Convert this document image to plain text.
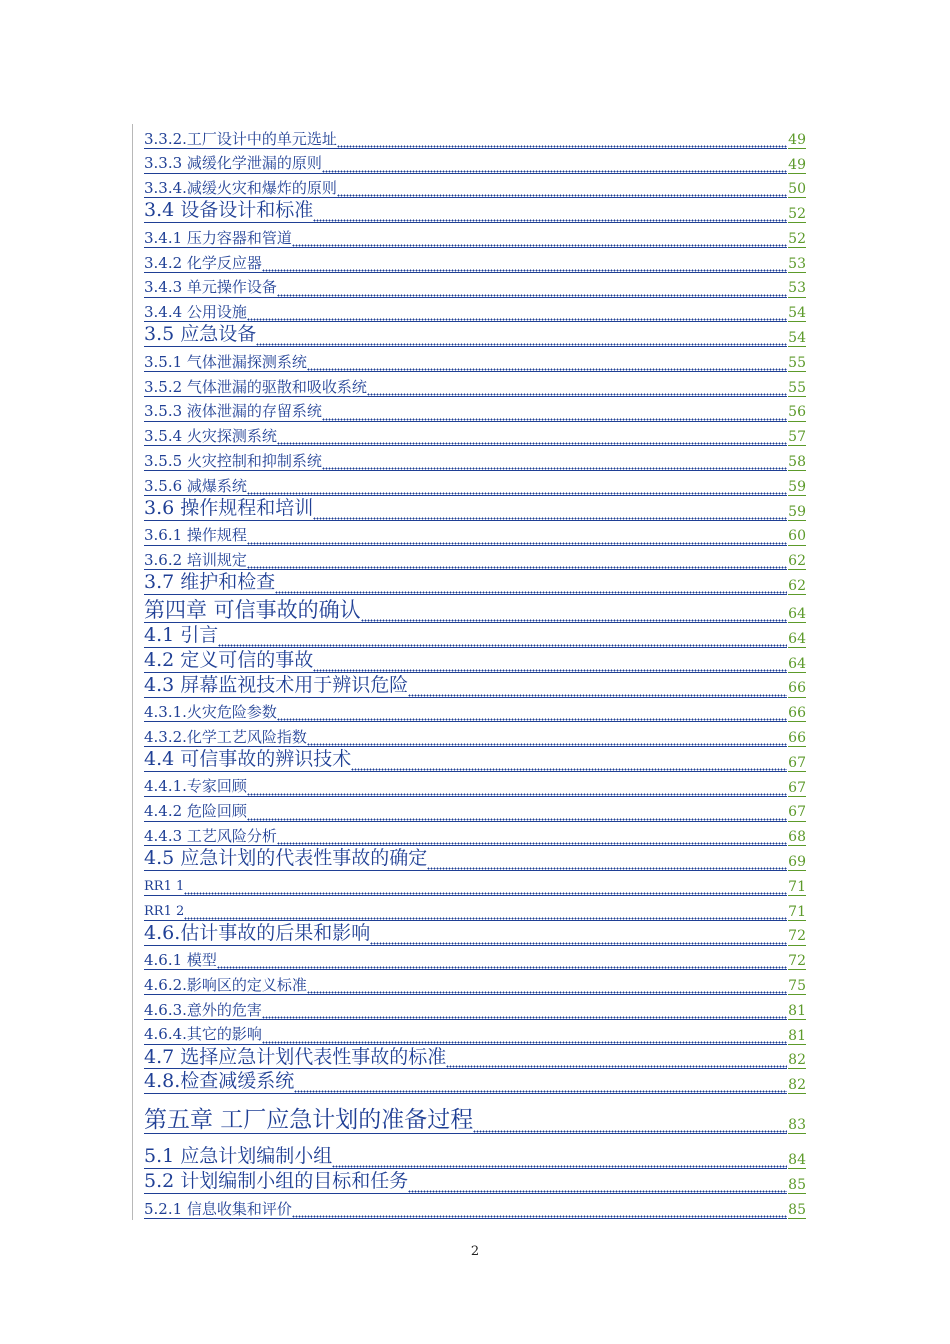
3.3.2.工厂设计中的单元选址	49
3.3.3 减缓化学泄漏的原则	49
3.3.4.减缓火灾和爆炸的原则	50
3.4 设备设计和标准	52
3.4.1 压力容器和管道	52
3.4.2 化学反应器	53
3.4.3 单元操作设备	53
3.4.4 公用设施	54
3.5 应急设备	54
3.5.1 气体泄漏探测系统	55
3.5.2 气体泄漏的驱散和吸收系统	55
3.5.3 液体泄漏的存留系统	56
3.5.4 火灾探测系统	57
3.5.5 火灾控制和抑制系统	58
3.5.6 减爆系统	59
3.6 操作规程和培训	59
3.6.1 操作规程	60
3.6.2 培训规定	62
3.7 维护和检查	62
第四章 可信事故的确认	64
4.1 引言	64
4.2 定义可信的事故	64
4.3 屏幕监视技术用于辨识危险	66
4.3.1.火灾危险参数	66
4.3.2.化学工艺风险指数	66
4.4 可信事故的辨识技术	67
4.4.1.专家回顾	67
4.4.2 危险回顾	67
4.4.3 工艺风险分析	68
4.5 应急计划的代表性事故的确定	69
RR1 1	71
RR1 2	71
4.6.估计事故的后果和影响	72
4.6.1 模型	72
4.6.2.影响区的定义标准	75
4.6.3.意外的危害	81
4.6.4.其它的影响	81
4.7 选择应急计划代表性事故的标准	82
4.8.检查减缓系统	82
第五章 工厂应急计划的准备过程	83
5.1 应急计划编制小组	84
5.2 计划编制小组的目标和任务	85
5.2.1 信息收集和评价	85
2
